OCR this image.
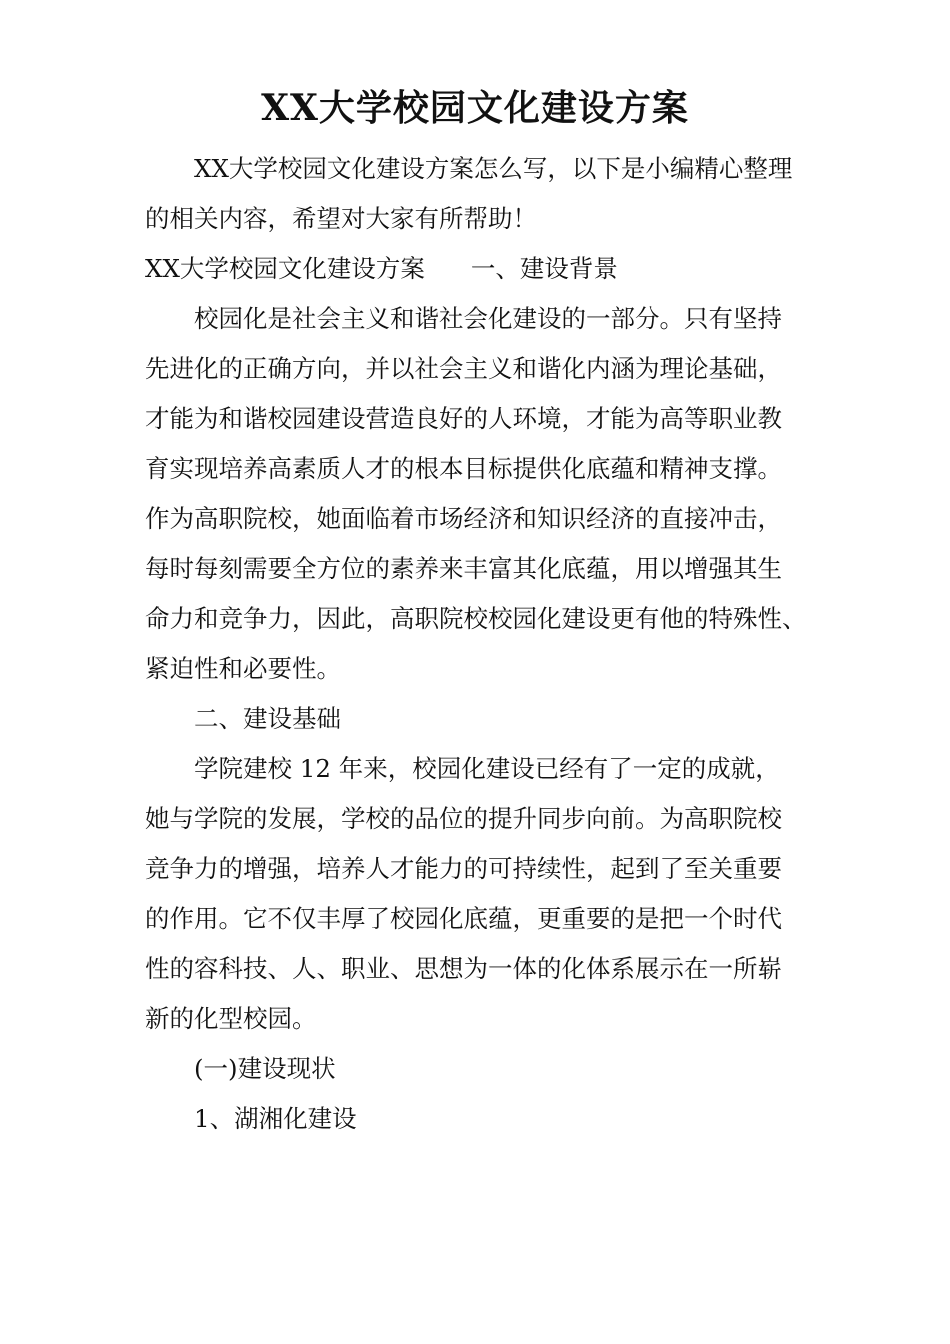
XX大学校园文化建设方案
XX大学校园文化建设方案怎么写，以下是小编精心整理
的相关内容，希望对大家有所帮助！
XX大学校园文化建设方案 一、建设背景
校园化是社会主义和谐社会化建设的一部分。只有坚持
先进化的正确方向，并以社会主义和谐化内涵为理论基础，
才能为和谐校园建设营造良好的人环境，才能为高等职业教
育实现培养高素质人才的根本目标提供化底蕴和精神支撑。
作为高职院校，她面临着市场经济和知识经济的直接冲击，
每时每刻需要全方位的素养来丰富其化底蕴，用以增强其生
命力和竞争力，因此，高职院校校园化建设更有他的特殊性、
紧迫性和必要性。
二、建设基础
学院建校 12 年来，校园化建设已经有了一定的成就，
她与学院的发展，学校的品位的提升同步向前。为高职院校
竞争力的增强，培养人才能力的可持续性，起到了至关重要
的作用。它不仅丰厚了校园化底蕴，更重要的是把一个时代
性的容科技、人、职业、思想为一体的化体系展示在一所崭
新的化型校园。
(一)建设现状
1、湖湘化建设
